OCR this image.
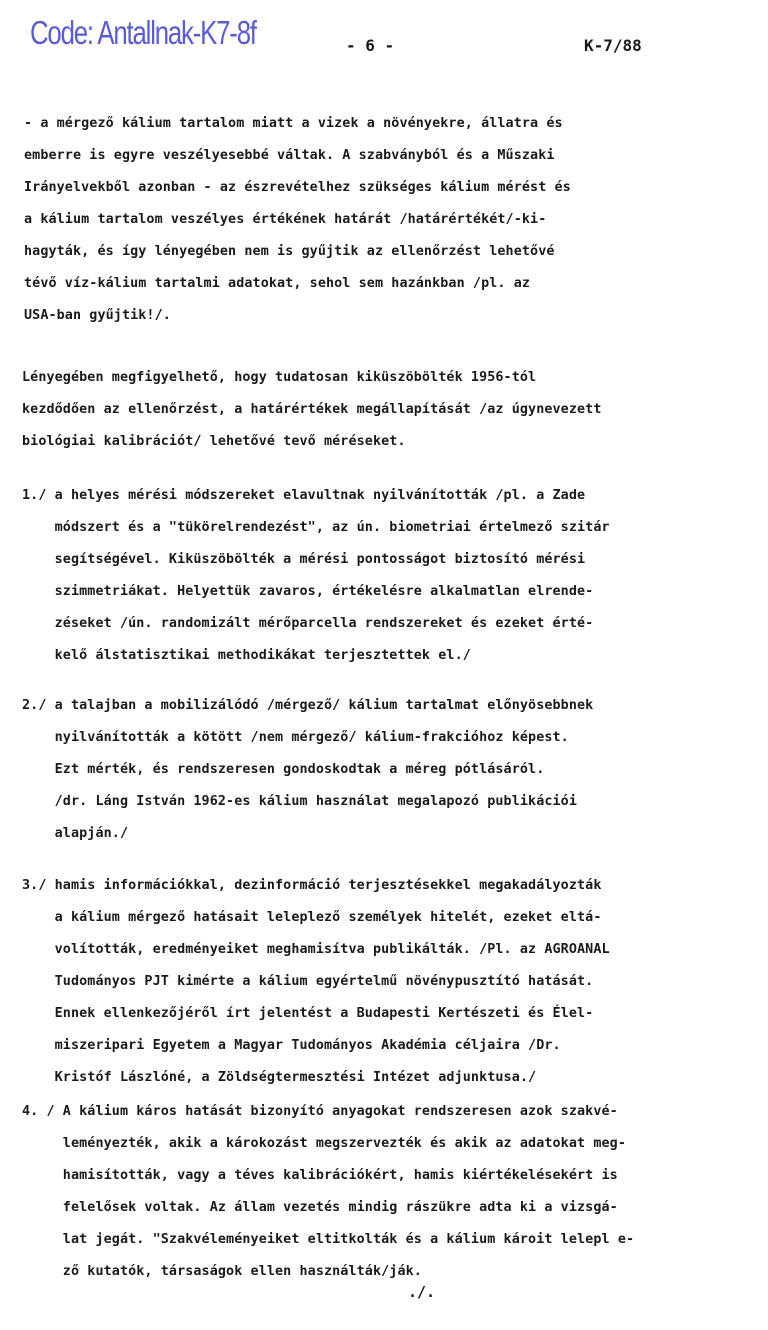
Code: Antallnak-K7-8f	- 6 -	K-7/88
- a mérgező kálium tartalom miatt a vizek a növényekre, állatra és
emberre is egyre veszélyesebbé váltak. A szabványból és a Műszaki
Irányelvekből azonban - az észrevételhez szükséges kálium mérést és
a kálium tartalom veszélyes értékének határát /határértékét/-ki-
hagyták, és így lényegében nem is gyűjtik az ellenőrzést lehetővé
tévő víz-kálium tartalmi adatokat, sehol sem hazánkban /pl. az
USA-ban gyűjtik!/.
Lényegében megfigyelhető, hogy tudatosan kiküszöbölték 1956-tól
kezdődően az ellenőrzést, a határértékek megállapítását /az úgynevezett
biológiai kalibrációt/ lehetővé tevő méréseket.
1./ a helyes mérési módszereket elavultnak nyilvánították /pl. a Zade
módszert és a "tükörelrendezést", az ún. biometriai értelmező szitár
segítségével. Kiküszöbölték a mérési pontosságot biztosító mérési
szimmetriákat. Helyettük zavaros, értékelésre alkalmatlan elrende-
zéseket /ún. randomizált mérőparcella rendszereket és ezeket érté-
kelő álstatisztikai methodikákat terjesztettek el./
2./ a talajban a mobilizálódó /mérgező/ kálium tartalmat előnyösebbnek
nyilvánították a kötött /nem mérgező/ kálium-frakcióhoz képest.
Ezt mérték, és rendszeresen gondoskodtak a méreg pótlásáról.
/dr. Láng István 1962-es kálium használat megalapozó publikációi
alapján./
3./ hamis információkkal, dezinformáció terjesztésekkel megakadályozták
a kálium mérgező hatásait leleplező személyek hitelét, ezeket eltá-
volították, eredményeiket meghamisítva publikálták. /Pl. az AGROANAL
Tudományos PJT kimérte a kálium egyértelmű növénypusztító hatását.
Ennek ellenkezőjéről írt jelentést a Budapesti Kertészeti és Élel-
miszeripari Egyetem a Magyar Tudományos Akadémia céljaira /Dr.
Kristóf Lászlóné, a Zöldségtermesztési Intézet adjunktusa./
4. / A kálium káros hatását bizonyító anyagokat rendszeresen azok szakvé-
leményezték, akik a károkozást megszervezték és akik az adatokat meg-
hamisították, vagy a téves kalibrációkért, hamis kiértékelésekért is
felelősek voltak. Az állam vezetés mindig rászükre adta ki a vizsgá-
lat jegát. "Szakvéleményeiket eltitkolták és a kálium károit lelepl e-
ző kutatók, társaságok ellen használták/ják.
./.
